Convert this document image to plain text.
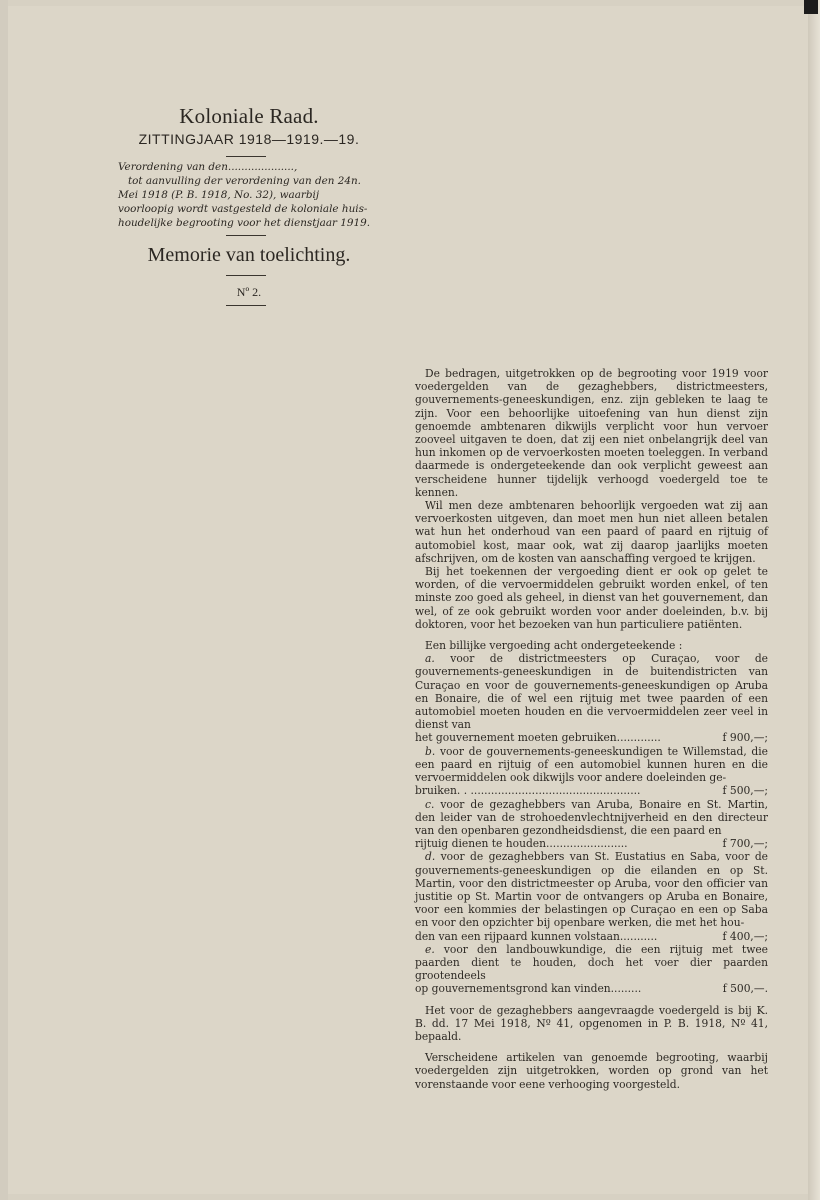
Koloniale Raad.
ZITTINGJAAR 1918—1919.—19.
Verordening van den....................,
tot aanvulling der verordening van den 24n.
Mei 1918 (P. B. 1918, No. 32), waarbij
voorloopig wordt vastgesteld de koloniale huis-
houdelijke begrooting voor het dienstjaar 1919.
Memorie van toelichting.
Nº 2.

De bedragen, uitgetrokken op de begrooting voor 1919 voor voedergelden van de gezaghebbers, districtmeesters, gouvernements-geneeskundigen, enz. zijn gebleken te laag te zijn. Voor een behoorlijke uitoefening van hun dienst zijn genoemde ambtenaren dikwijls verplicht voor hun vervoer zooveel uitgaven te doen, dat zij een niet onbelangrijk deel van hun inkomen op de vervoerkosten moeten toeleggen. In verband daarmede is ondergeteekende dan ook verplicht geweest aan verscheidene hunner tijdelijk verhoogd voedergeld toe te kennen.

Wil men deze ambtenaren behoorlijk vergoeden wat zij aan vervoerkosten uitgeven, dan moet men hun niet alleen betalen wat hun het onderhoud van een paard of paard en rijtuig of automobiel kost, maar ook, wat zij daarop jaarlijks moeten afschrijven, om de kosten van aanschaffing vergoed te krijgen.

Bij het toekennen der vergoeding dient er ook op gelet te worden, of die vervoermiddelen gebruikt worden enkel, of ten minste zoo goed als geheel, in dienst van het gouvernement, dan wel, of ze ook gebruikt worden voor ander doeleinden, b.v. bij doktoren, voor het bezoeken van hun particuliere patiënten.

Een billijke vergoeding acht ondergeteekende :

a. voor de districtmeesters op Curaçao, voor de gouvernements-geneeskundigen in de buitendistricten van Curaçao en voor de gouvernements-geneeskundigen op Aruba en Bonaire, die of wel een rijtuig met twee paarden of een automobiel moeten houden en die vervoermiddelen zeer veel in dienst van

het gouvernement moeten gebruiken.............	f 900,—;

b. voor de gouvernements-geneeskundigen te Willemstad, die een paard en rijtuig of een automobiel kunnen huren en die vervoermiddelen ook dikwijls voor andere doeleinden ge-

bruiken. . ..................................................	f 500,—;

c. voor de gezaghebbers van Aruba, Bonaire en St. Martin, den leider van de strohoedenvlechtnijverheid en den directeur van den openbaren gezondheidsdienst, die een paard en

rijtuig dienen te houden........................	f 700,—;

d. voor de gezaghebbers van St. Eustatius en Saba, voor de gouvernements-geneeskundigen op die eilanden en op St. Martin, voor den districtmeester op Aruba, voor den officier van justitie op St. Martin voor de ontvangers op Aruba en Bonaire, voor een kommies der belastingen op Curaçao en een op Saba en voor den opzichter bij openbare werken, die met het hou-

den van een rijpaard kunnen volstaan...........	f 400,—;

e. voor den landbouwkundige, die een rijtuig met twee paarden dient te houden, doch het voer dier paarden grootendeels

op gouvernementsgrond kan vinden.........	f 500,—.

Het voor de gezaghebbers aangevraagde voedergeld is bij K. B. dd. 17 Mei 1918, Nº 41, opgenomen in P. B. 1918, Nº 41, bepaald.

Verscheidene artikelen van genoemde begrooting, waarbij voedergelden zijn uitgetrokken, worden op grond van het vorenstaande voor eene verhooging voorgesteld.
